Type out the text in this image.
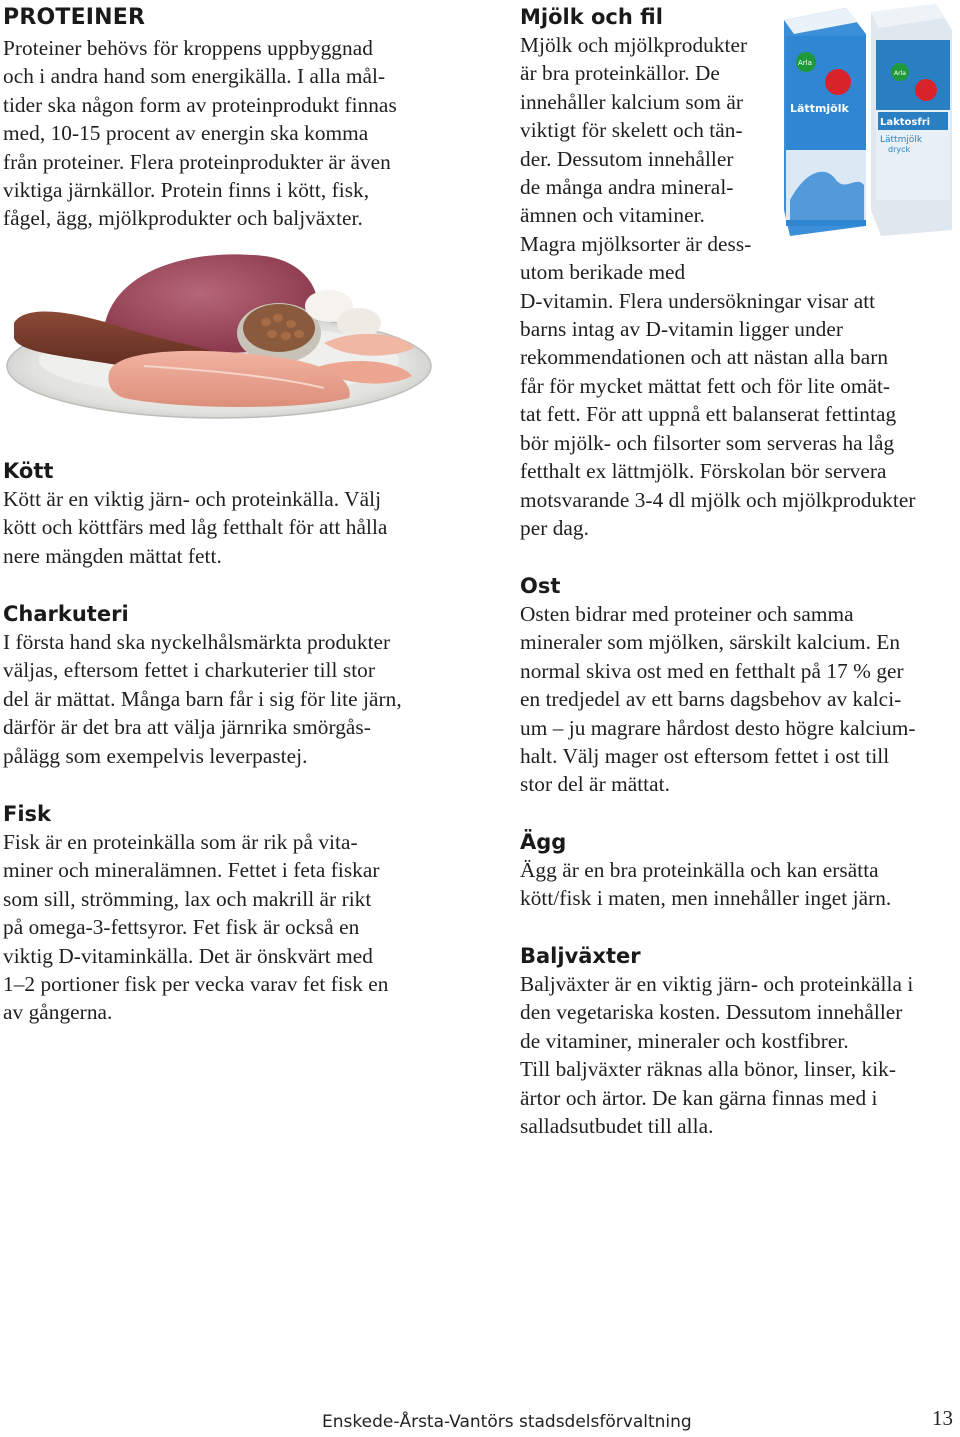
PROTEINER

Proteiner behövs för kroppens uppbyggnad
och i andra hand som energikälla. I alla mål-
tider ska någon form av proteinprodukt finnas
med, 10-15 procent av energin ska komma
från proteiner. Flera proteinprodukter är även
viktiga järnkällor. Protein finns i kött, fisk,
fågel, ägg, mjölkprodukter och baljväxter.

Kött

Kött är en viktig järn- och proteinkälla. Välj
kött och köttfärs med låg fetthalt för att hålla
nere mängden mättat fett.

Charkuteri

I första hand ska nyckelhålsmärkta produkter
väljas, eftersom fettet i charkuterier till stor
del är mättat. Många barn får i sig för lite järn,
därför är det bra att välja järnrika smörgås-
pålägg som exempelvis leverpastej.

Fisk

Fisk är en proteinkälla som är rik på vita-
miner och mineralämnen. Fettet i feta fiskar
som sill, strömming, lax och makrill är rikt
på omega-3-fettsyror. Fet fisk är också en
viktig D-vitaminkälla. Det är önskvärt med
1–2 portioner fisk per vecka varav fet fisk en
av gångerna.

Mjölk och fil

Mjölk och mjölkprodukter
är bra proteinkällor. De
innehåller kalcium som är
viktigt för skelett och tän-
der. Dessutom innehåller
de många andra mineral-
ämnen och vitaminer.
Magra mjölksorter är dess-
utom berikade med

D-vitamin. Flera undersökningar visar att
barns intag av D-vitamin ligger under
rekommendationen och att nästan alla barn
får för mycket mättat fett och för lite omät-
tat fett. För att uppnå ett balanserat fettintag
bör mjölk- och filsorter som serveras ha låg
fetthalt ex lättmjölk. Förskolan bör servera
motsvarande 3-4 dl mjölk och mjölkprodukter
per dag.

Arla
Laktosfri
Lättmjölk
dryck
Arla
Lättmjölk
Ost

Osten bidrar med proteiner och samma
mineraler som mjölken, särskilt kalcium. En
normal skiva ost med en fetthalt på 17 % ger
en tredjedel av ett barns dagsbehov av kalci-
um – ju magrare hårdost desto högre kalcium-
halt. Välj mager ost eftersom fettet i ost till
stor del är mättat.

Ägg

Ägg är en bra proteinkälla och kan ersätta
kött/fisk i maten, men innehåller inget järn.

Baljväxter

Baljväxter är en viktig järn- och proteinkälla i
den vegetariska kosten. Dessutom innehåller
de vitaminer, mineraler och kostfibrer.
Till baljväxter räknas alla bönor, linser, kik-
ärtor och ärtor. De kan gärna finnas med i
salladsutbudet till alla.

Enskede-Årsta-Vantörs stadsdelsförvaltning	13
